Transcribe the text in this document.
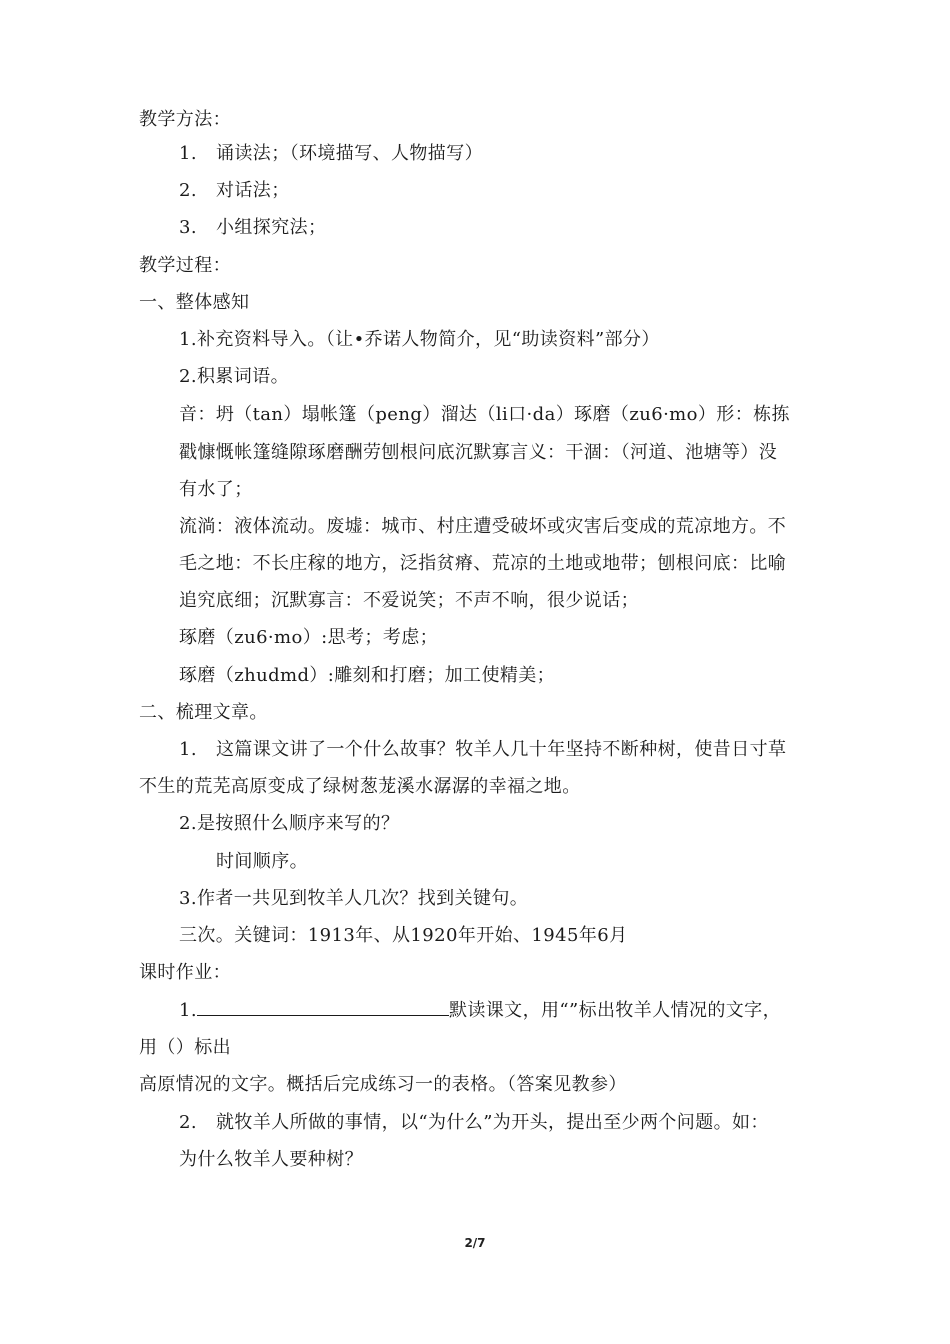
教学方法：
1. 诵读法；（环境描写、人物描写）
2. 对话法；
3. 小组探究法；
教学过程：
一、整体感知
1.补充资料导入。（让•乔诺人物简介，见“助读资料”部分）
2.积累词语。
音：坍（tan）塌帐篷（peng）溜达（li口·da）琢磨（zu6·mo）形：栋拣
戳慷慨帐篷缝隙琢磨酬劳刨根问底沉默寡言义：干涸：（河道、池塘等）没
有水了；
流淌：液体流动。废墟：城市、村庄遭受破坏或灾害后变成的荒凉地方。不
毛之地：不长庄稼的地方，泛指贫瘠、荒凉的土地或地带；刨根问底：比喻
追究底细；沉默寡言：不爱说笑；不声不响，很少说话；
琢磨（zu6·mo）:思考；考虑；
琢磨（zhudmd）:雕刻和打磨；加工使精美；
二、梳理文章。
1. 这篇课文讲了一个什么故事？牧羊人几十年坚持不断种树，使昔日寸草
不生的荒芜高原变成了绿树葱茏溪水潺潺的幸福之地。
2.是按照什么顺序来写的？
时间顺序。
3.作者一共见到牧羊人几次？找到关键句。
三次。关键词：1913年、从1920年开始、1945年6月
课时作业：
1.	默读课文，用“”标出牧羊人情况的文字，
用（）标出
高原情况的文字。概括后完成练习一的表格。（答案见教参）
2. 就牧羊人所做的事情，以“为什么”为开头，提出至少两个问题。如：
为什么牧羊人要种树？
2/7
